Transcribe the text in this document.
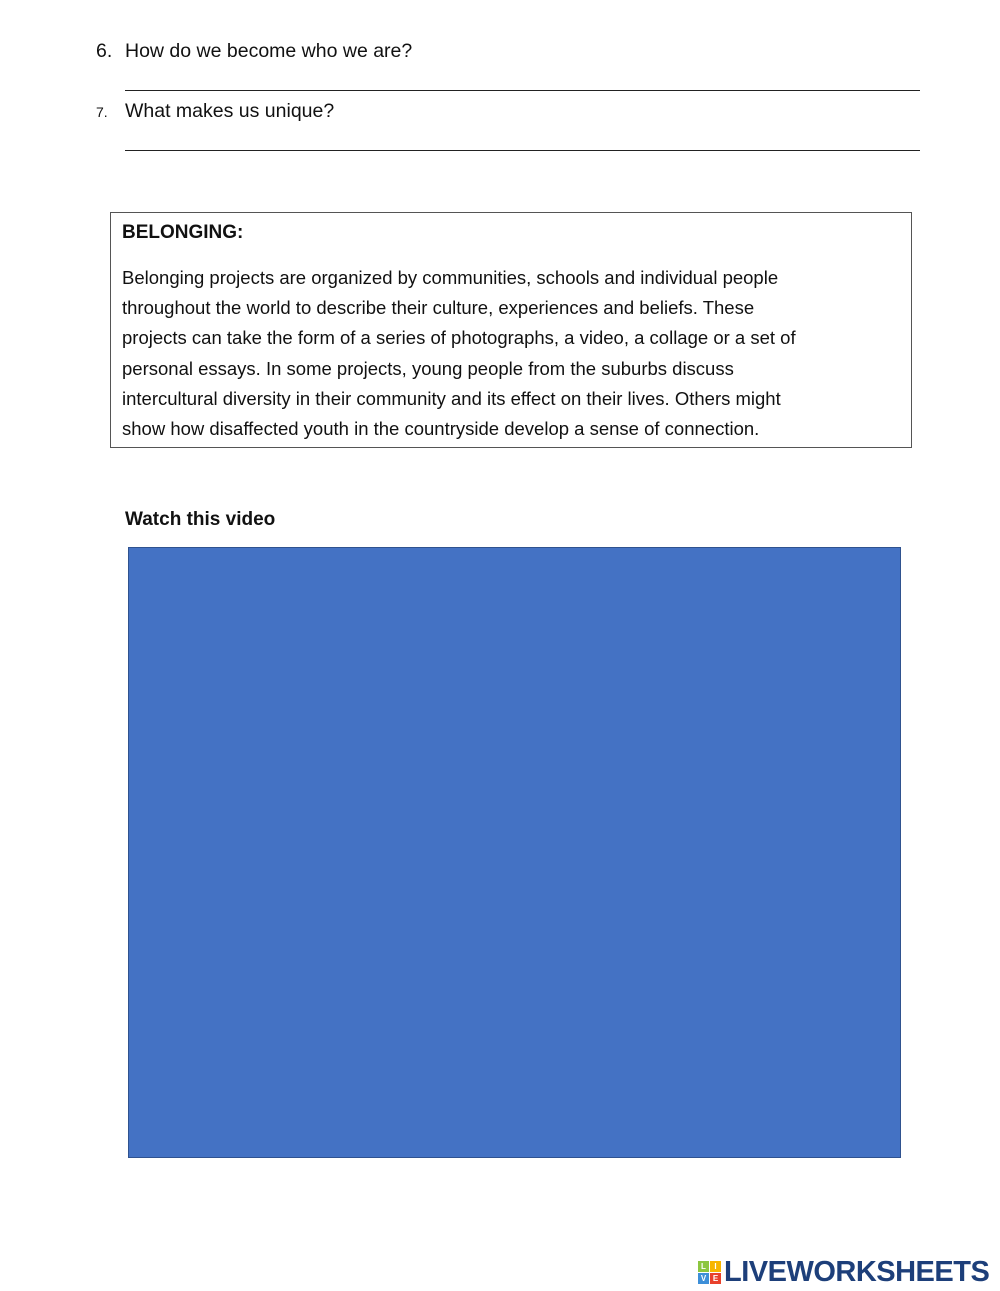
6. How do we become who we are?
7. What makes us unique?
BELONGING:
Belonging projects are organized by communities, schools and individual people
throughout the world to describe their culture, experiences and beliefs. These
projects can take the form of a series of photographs, a video, a collage or a set of
personal essays. In some projects, young people from the suburbs discuss
intercultural diversity in their community and its effect on their lives. Others might
show how disaffected youth in the countryside develop a sense of connection.
Watch this video
L	I
V E LIVEWORKSHEETS
